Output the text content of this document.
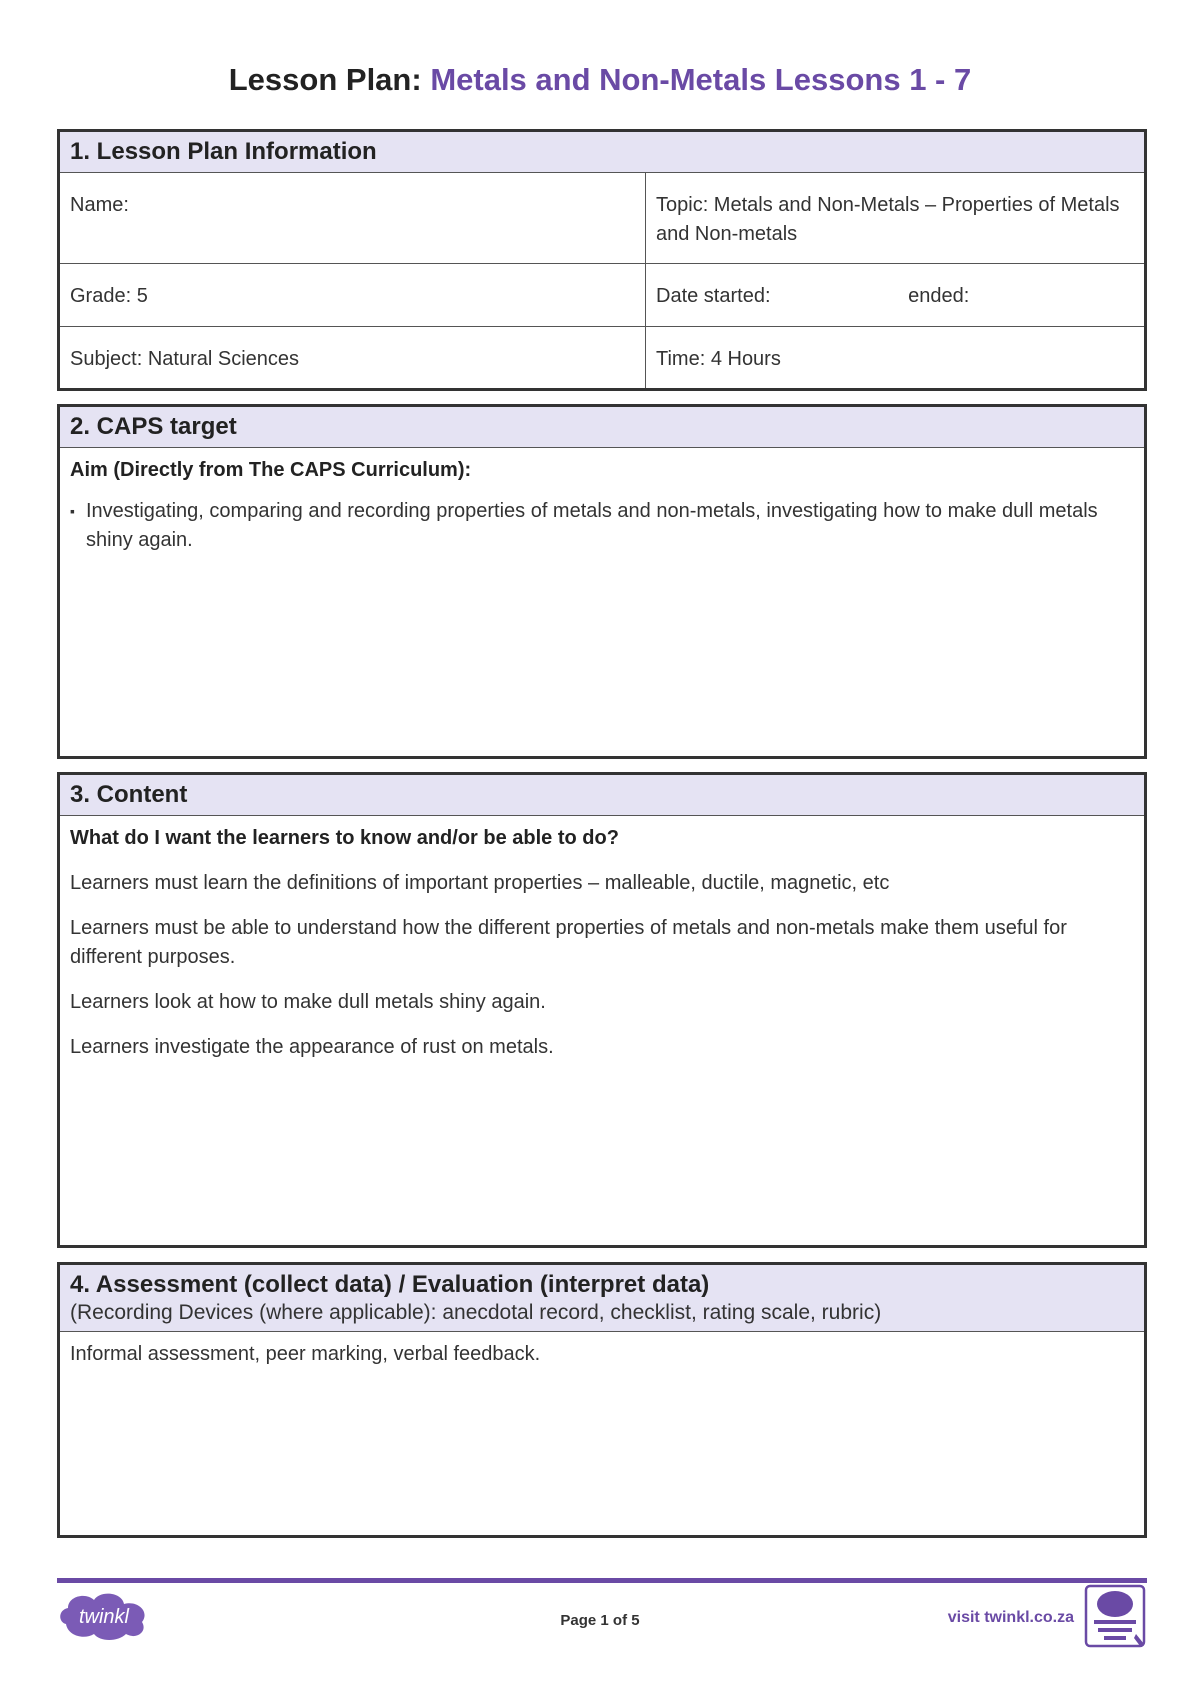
Lesson Plan: Metals and Non-Metals Lessons 1 - 7
1. Lesson Plan Information
Name:	Topic: Metals and Non-Metals – Properties of Metals and Non-metals
Grade: 5	Date started: ended:
Subject: Natural Sciences	Time: 4 Hours
2. CAPS target
Aim (Directly from The CAPS Curriculum):
▪ Investigating, comparing and recording properties of metals and non-metals, investigating how to make dull metals shiny again.
3. Content

What do I want the learners to know and/or be able to do?

Learners must learn the definitions of important properties – malleable, ductile, magnetic, etc

Learners must be able to understand how the different properties of metals and non-metals make them useful for different purposes.

Learners look at how to make dull metals shiny again.

Learners investigate the appearance of rust on metals.

4. Assessment (collect data) / Evaluation (interpret data)
(Recording Devices (where applicable): anecdotal record, checklist, rating scale, rubric)

Informal assessment, peer marking, verbal feedback.

twinkl	Page 1 of 5	visit twinkl.co.za
